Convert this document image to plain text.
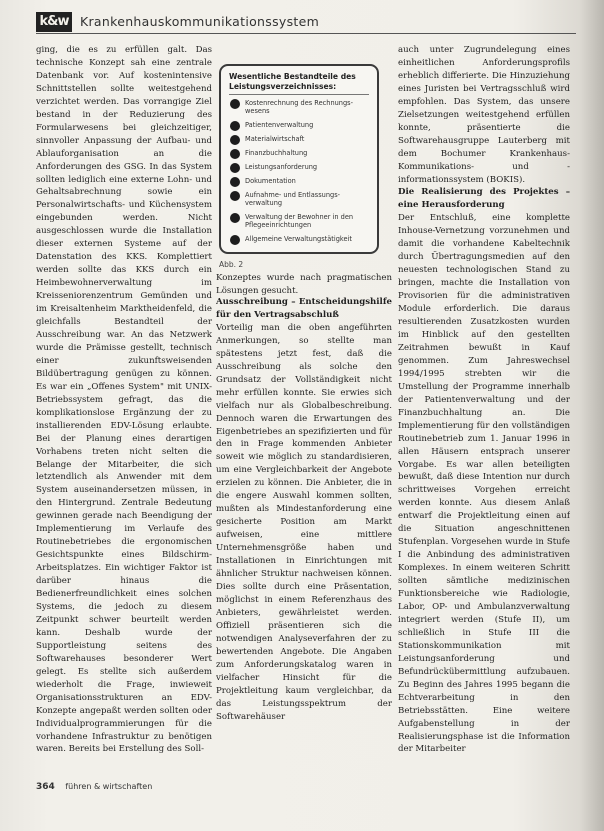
k&w Krankenhauskommunikationssystem

ging, die es zu erfüllen galt. Das technische Konzept sah eine zentrale Datenbank vor. Auf kostenintensive Schnittstellen sollte weitestgehend verzichtet werden. Das vorrangige Ziel bestand in der Reduzierung des Formularwesens bei gleichzeitiger, sinnvoller Anpassung der Aufbau- und Ablauforganisation an die Anforderungen des GSG. In das System sollten lediglich eine externe Lohn- und Gehaltsabrechnung sowie ein Personalwirtschafts- und Küchensystem eingebunden werden. Nicht ausgeschlossen wurde die Installation dieser externen Systeme auf der Datenstation des KKS. Komplettiert werden sollte das KKS durch ein Heimbewohnerverwaltung im Kreisseniorenzentrum Gemünden und im Kreisaltenheim Marktheidenfeld, die gleichfalls Bestandteil der Ausschreibung war. An das Netzwerk wurde die Prämisse gestellt, technisch einer zukunftsweisenden Bildübertragung genügen zu können. Es war ein „Offenes System" mit UNIX-Betriebssystem gefragt, das die komplikationslose Ergänzung der zu installierenden EDV-Lösung erlaubte. Bei der Planung eines derartigen Vorhabens treten nicht selten die Belange der Mitarbeiter, die sich letztendlich als Anwender mit dem System auseinandersetzen müssen, in den Hintergrund. Zentrale Bedeutung gewinnen gerade nach Beendigung der Implementierung im Verlaufe des Routinebetriebes die ergonomischen Gesichtspunkte eines Bildschirm-Arbeitsplatzes. Ein wichtiger Faktor ist darüber hinaus die Bedienerfreundlichkeit eines solchen Systems, die jedoch zu diesem Zeitpunkt schwer beurteilt werden kann. Deshalb wurde der Supportleistung seitens des Softwarehauses besonderer Wert gelegt. Es stellte sich außerdem wiederholt die Frage, inwieweit Organisationsstrukturen an EDV-Konzepte angepaßt werden sollten oder Individualprogrammierungen für die vorhandene Infrastruktur zu benötigen waren. Bereits bei Erstellung des Soll-

Wesentliche Bestandteile des Leistungsverzeichnisses:
Kostenrechnung des Rechnungswesens
Patientenverwaltung
Materialwirtschaft
Finanzbuchhaltung
Leistungsanforderung
Dokumentation
Aufnahme- und Entlassungsverwaltung
Verwaltung der Bewohner in den Pflegeeinrichtungen
Allgemeine Verwaltungstätigkeit
Abb. 2

Konzeptes wurde nach pragmatischen Lösungen gesucht.

Ausschreibung – Entscheidungshilfe für den Vertragsabschluß

Vorteilig man die oben angeführten Anmerkungen, so stellte man spätestens jetzt fest, daß die Ausschreibung als solche den Grundsatz der Vollständigkeit nicht mehr erfüllen konnte. Sie erwies sich vielfach nur als Globalbeschreibung. Dennoch waren die Erwartungen des Eigenbetriebes an spezifizierten und für den in Frage kommenden Anbieter soweit wie möglich zu standardisieren, um eine Vergleichbarkeit der Angebote erzielen zu können. Die Anbieter, die in die engere Auswahl kommen sollten, mußten als Mindestanforderung eine gesicherte Position am Markt aufweisen, eine mittlere Unternehmensgröße haben und Installationen in Einrichtungen mit ähnlicher Struktur nachweisen können. Dies sollte durch eine Präsentation, möglichst in einem Referenzhaus des Anbieters, gewährleistet werden. Offiziell präsentieren sich die notwendigen Analyseverfahren der zu bewertenden Angebote. Die Angaben zum Anforderungskatalog waren in vielfacher Hinsicht für die Projektleitung kaum vergleichbar, da das Leistungsspektrum der Softwarehäuser

auch unter Zugrundelegung eines einheitlichen Anforderungsprofils erheblich differierte. Die Hinzuziehung eines Juristen bei Vertragsschluß wird empfohlen. Das System, das unsere Zielsetzungen weitestgehend erfüllen konnte, präsentierte die Softwarehausgruppe Lauterberg mit dem Bochumer Krankenhaus-Kommunikations- und -informationssystem (BOKIS).

Die Realisierung des Projektes – eine Herausforderung

Der Entschluß, eine komplette Inhouse-Vernetzung vorzunehmen und damit die vorhandene Kabeltechnik durch Übertragungsmedien auf den neuesten technologischen Stand zu bringen, machte die Installation von Provisorien für die administrativen Module erforderlich. Die daraus resultierenden Zusatzkosten wurden im Hinblick auf den gestellten Zeitrahmen bewußt in Kauf genommen. Zum Jahreswechsel 1994/1995 strebten wir die Umstellung der Programme innerhalb der Patientenverwaltung und der Finanzbuchhaltung an. Die Implementierung für den vollständigen Routinebetrieb zum 1. Januar 1996 in allen Häusern entsprach unserer Vorgabe. Es war allen beteiligten bewußt, daß diese Intention nur durch schrittweises Vorgehen erreicht werden konnte. Aus diesem Anlaß entwarf die Projektleitung einen auf die Situation angeschnittenen Stufenplan. Vorgesehen wurde in Stufe I die Anbindung des administrativen Komplexes. In einem weiteren Schritt sollten sämtliche medizinischen Funktionsbereiche wie Radiologie, Labor, OP- und Ambulanzverwaltung integriert werden (Stufe II), um schließlich in Stufe III die Stationskommunikation mit Leistungsanforderung und Befundrückübermittlung aufzubauen. Zu Beginn des Jahres 1995 begann die Echtverarbeitung in den Betriebsstätten. Eine weitere Aufgabenstellung in der Realisierungsphase ist die Information der Mitarbeiter

364 führen & wirtschaften
